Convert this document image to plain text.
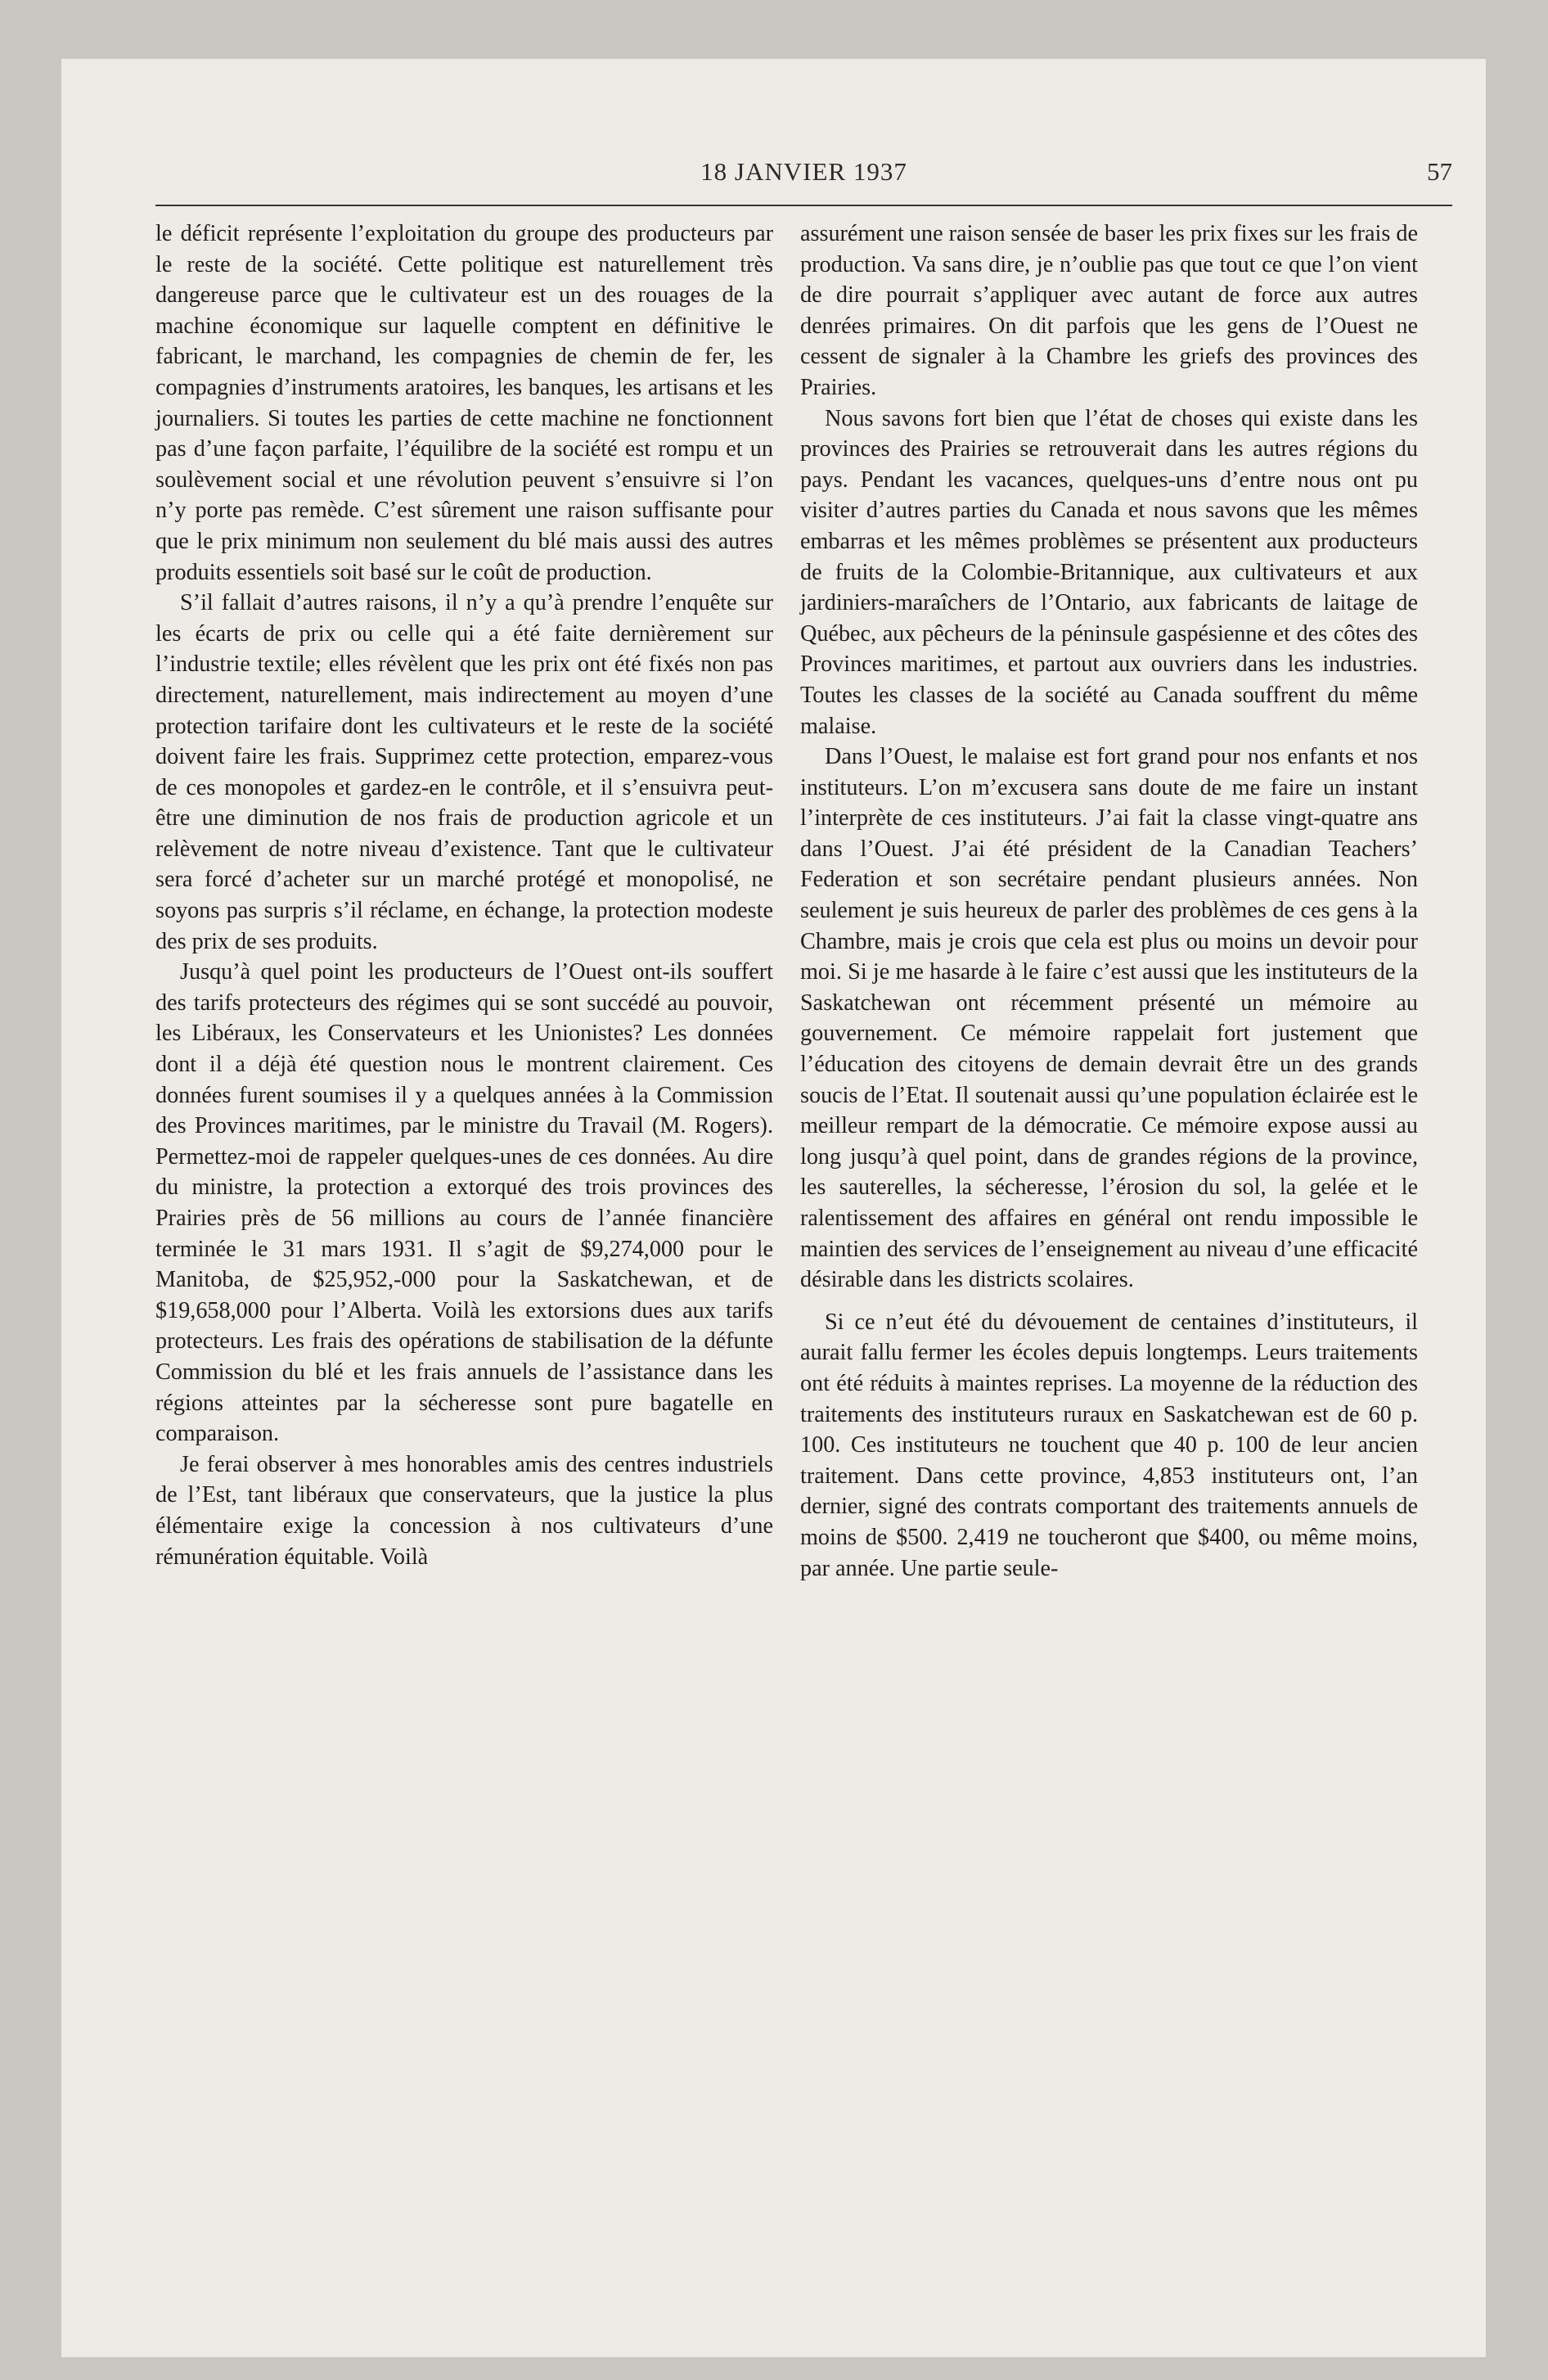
18 JANVIER 1937	57

le déficit représente l’exploitation du groupe des producteurs par le reste de la société. Cette politique est naturellement très dangereuse parce que le cultivateur est un des rouages de la machine économique sur laquelle comptent en définitive le fabricant, le marchand, les compagnies de chemin de fer, les compagnies d’instruments aratoires, les banques, les artisans et les journaliers. Si toutes les parties de cette machine ne fonctionnent pas d’une façon parfaite, l’équilibre de la société est rompu et un soulèvement social et une révolution peuvent s’ensuivre si l’on n’y porte pas remède. C’est sûrement une raison suffisante pour que le prix minimum non seulement du blé mais aussi des autres produits essentiels soit basé sur le coût de production.

S’il fallait d’autres raisons, il n’y a qu’à prendre l’enquête sur les écarts de prix ou celle qui a été faite dernièrement sur l’industrie textile; elles révèlent que les prix ont été fixés non pas directement, naturellement, mais indirectement au moyen d’une protection tarifaire dont les cultivateurs et le reste de la société doivent faire les frais. Supprimez cette protection, emparez-vous de ces monopoles et gardez-en le contrôle, et il s’ensuivra peut-être une diminution de nos frais de production agricole et un relèvement de notre niveau d’existence. Tant que le cultivateur sera forcé d’acheter sur un marché protégé et monopolisé, ne soyons pas surpris s’il réclame, en échange, la protection modeste des prix de ses produits.

Jusqu’à quel point les producteurs de l’Ouest ont-ils souffert des tarifs protecteurs des régimes qui se sont succédé au pouvoir, les Libéraux, les Conservateurs et les Unionistes? Les données dont il a déjà été question nous le montrent clairement. Ces données furent soumises il y a quelques années à la Commission des Provinces maritimes, par le ministre du Travail (M. Rogers). Permettez-moi de rappeler quelques-unes de ces données. Au dire du ministre, la protection a extorqué des trois provinces des Prairies près de 56 millions au cours de l’année financière terminée le 31 mars 1931. Il s’agit de $9,274,000 pour le Manitoba, de $25,952,-000 pour la Saskatchewan, et de $19,658,000 pour l’Alberta. Voilà les extorsions dues aux tarifs protecteurs. Les frais des opérations de stabilisation de la défunte Commission du blé et les frais annuels de l’assistance dans les régions atteintes par la sécheresse sont pure bagatelle en comparaison.

Je ferai observer à mes honorables amis des centres industriels de l’Est, tant libéraux que conservateurs, que la justice la plus élémentaire exige la concession à nos cultivateurs d’une rémunération équitable. Voilà

assurément une raison sensée de baser les prix fixes sur les frais de production. Va sans dire, je n’oublie pas que tout ce que l’on vient de dire pourrait s’appliquer avec autant de force aux autres denrées primaires. On dit parfois que les gens de l’Ouest ne cessent de signaler à la Chambre les griefs des provinces des Prairies.

Nous savons fort bien que l’état de choses qui existe dans les provinces des Prairies se retrouverait dans les autres régions du pays. Pendant les vacances, quelques-uns d’entre nous ont pu visiter d’autres parties du Canada et nous savons que les mêmes embarras et les mêmes problèmes se présentent aux producteurs de fruits de la Colombie-Britannique, aux cultivateurs et aux jardiniers-maraîchers de l’Ontario, aux fabricants de laitage de Québec, aux pêcheurs de la péninsule gaspésienne et des côtes des Provinces maritimes, et partout aux ouvriers dans les industries. Toutes les classes de la société au Canada souffrent du même malaise.

Dans l’Ouest, le malaise est fort grand pour nos enfants et nos instituteurs. L’on m’excusera sans doute de me faire un instant l’interprète de ces instituteurs. J’ai fait la classe vingt-quatre ans dans l’Ouest. J’ai été président de la Canadian Teachers’ Federation et son secrétaire pendant plusieurs années. Non seulement je suis heureux de parler des problèmes de ces gens à la Chambre, mais je crois que cela est plus ou moins un devoir pour moi. Si je me hasarde à le faire c’est aussi que les instituteurs de la Saskatchewan ont récemment présenté un mémoire au gouvernement. Ce mémoire rappelait fort justement que l’éducation des citoyens de demain devrait être un des grands soucis de l’Etat. Il soutenait aussi qu’une population éclairée est le meilleur rempart de la démocratie. Ce mémoire expose aussi au long jusqu’à quel point, dans de grandes régions de la province, les sauterelles, la sécheresse, l’érosion du sol, la gelée et le ralentissement des affaires en général ont rendu impossible le maintien des services de l’enseignement au niveau d’une efficacité désirable dans les districts scolaires.

Si ce n’eut été du dévouement de centaines d’instituteurs, il aurait fallu fermer les écoles depuis longtemps. Leurs traitements ont été réduits à maintes reprises. La moyenne de la réduction des traitements des instituteurs ruraux en Saskatchewan est de 60 p. 100. Ces instituteurs ne touchent que 40 p. 100 de leur ancien traitement. Dans cette province, 4,853 instituteurs ont, l’an dernier, signé des contrats comportant des traitements annuels de moins de $500. 2,419 ne toucheront que $400, ou même moins, par année. Une partie seule-
